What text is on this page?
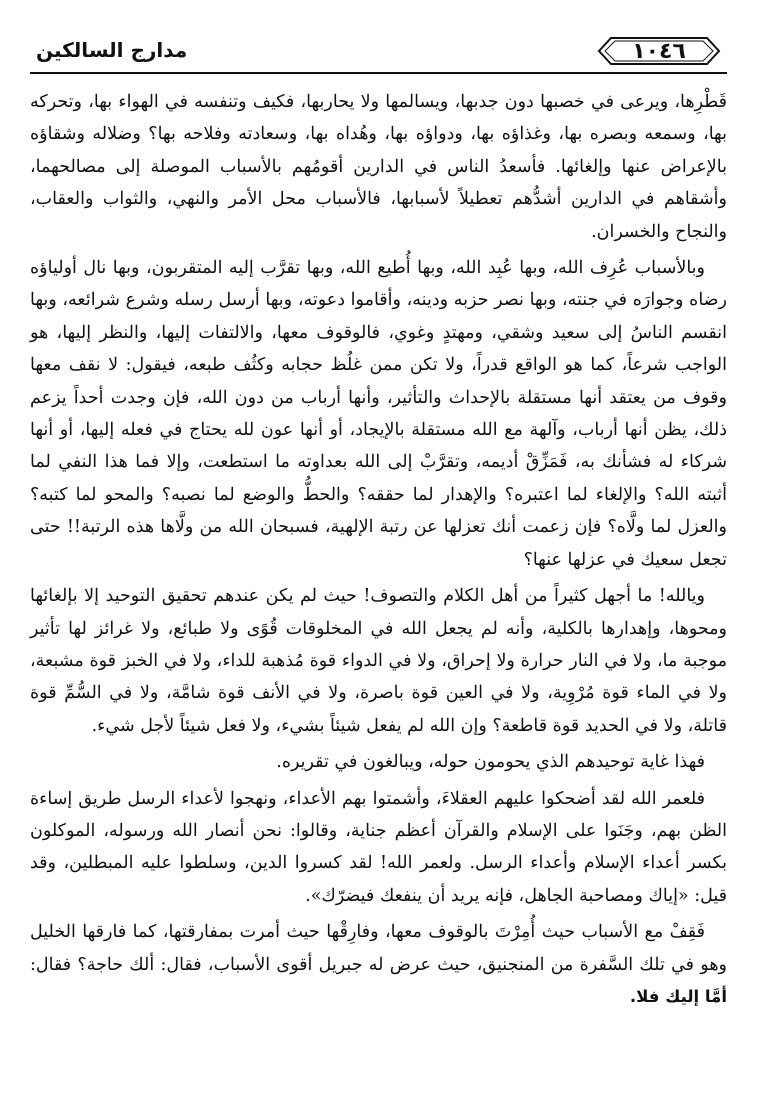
١٠٤٦
مدارج السالكين

قَطْرِها، ويرعى في خصبها دون جدبها، ويسالمها ولا يحاربها، فكيف وتنفسه في الهواء بها، وتحركه بها، وسمعه وبصره بها، وغذاؤه بها، ودواؤه بها، وهُداه بها، وسعادته وفلاحه بها؟ وضلاله وشقاؤه بالإعراض عنها وإلغائها. فأسعدُ الناس في الدارين أقومُهم بالأسباب الموصلة إلى مصالحهما، وأشقاهم في الدارين أشدُّهم تعطيلاً لأسبابها، فالأسباب محل الأمر والنهي، والثواب والعقاب، والنجاح والخسران.

وبالأسباب عُرِف الله، وبها عُبِد الله، وبها أُطيع الله، وبها تقرَّب إليه المتقربون، وبها نال أولياؤه رضاه وجوارَه في جنته، وبها نصر حزبه ودينه، وأقاموا دعوته، وبها أرسل رسله وشرع شرائعه، وبها انقسم الناسُ إلى سعيد وشقي، ومهتدٍ وغوي، فالوقوف معها، والالتفات إليها، والنظر إليها، هو الواجب شرعاً، كما هو الواقع قدراً، ولا تكن ممن غلُظ حجابه وكثُف طبعه، فيقول: لا نقف معها وقوف من يعتقد أنها مستقلة بالإحداث والتأثير، وأنها أرباب من دون الله، فإن وجدت أحداً يزعم ذلك، يظن أنها أرباب، وآلهة مع الله مستقلة بالإيجاد، أو أنها عون لله يحتاج في فعله إليها، أو أنها شركاء له فشأنك به، فَمَزِّقْ أديمه، وتقرَّبْ إلى الله بعداوته ما استطعت، وإلا فما هذا النفي لما أثبته الله؟ والإلغاء لما اعتبره؟ والإهدار لما حققه؟ والحطُّ والوضع لما نصبه؟ والمحو لما كتبه؟ والعزل لما ولَّاه؟ فإن زعمت أنك تعزلها عن رتبة الإلهية، فسبحان الله من ولَّاها هذه الرتبة!! حتى تجعل سعيك في عزلها عنها؟

ويالله! ما أجهل كثيراً من أهل الكلام والتصوف! حيث لم يكن عندهم تحقيق التوحيد إلا بإلغائها ومحوها، وإهدارها بالكلية، وأنه لم يجعل الله في المخلوقات قُوًى ولا طبائع، ولا غرائز لها تأثير موجبة ما، ولا في النار حرارة ولا إحراق، ولا في الدواء قوة مُذهبة للداء، ولا في الخبز قوة مشبعة، ولا في الماء قوة مُرْوِية، ولا في العين قوة باصرة، ولا في الأنف قوة شامَّة، ولا في السُّمِّ قوة قاتلة، ولا في الحديد قوة قاطعة؟ وإن الله لم يفعل شيئاً بشيء، ولا فعل شيئاً لأجل شيء.

فهذا غاية توحيدهم الذي يحومون حوله، ويبالغون في تقريره.

فلعمر الله لقد أضحكوا عليهم العقلاءَ، وأشمتوا بهم الأعداء، ونهجوا لأعداء الرسل طريق إساءة الظن بهم، وجَنَوا على الإسلام والقرآن أعظم جناية، وقالوا: نحن أنصار الله ورسوله، الموكلون بكسر أعداء الإسلام وأعداء الرسل. ولعمر الله! لقد كسروا الدين، وسلطوا عليه المبطلين، وقد قيل: «إياك ومصاحبة الجاهل، فإنه يريد أن ينفعك فيضرّك».

فَقِفْ مع الأسباب حيث أُمِرْتَ بالوقوف معها، وفارِقْها حيث أمرت بمفارقتها، كما فارقها الخليل وهو في تلك السَّفرة من المنجنيق، حيث عرض له جبريل أقوى الأسباب، فقال: ألك حاجة؟ فقال: أمَّا إليك فلا.
